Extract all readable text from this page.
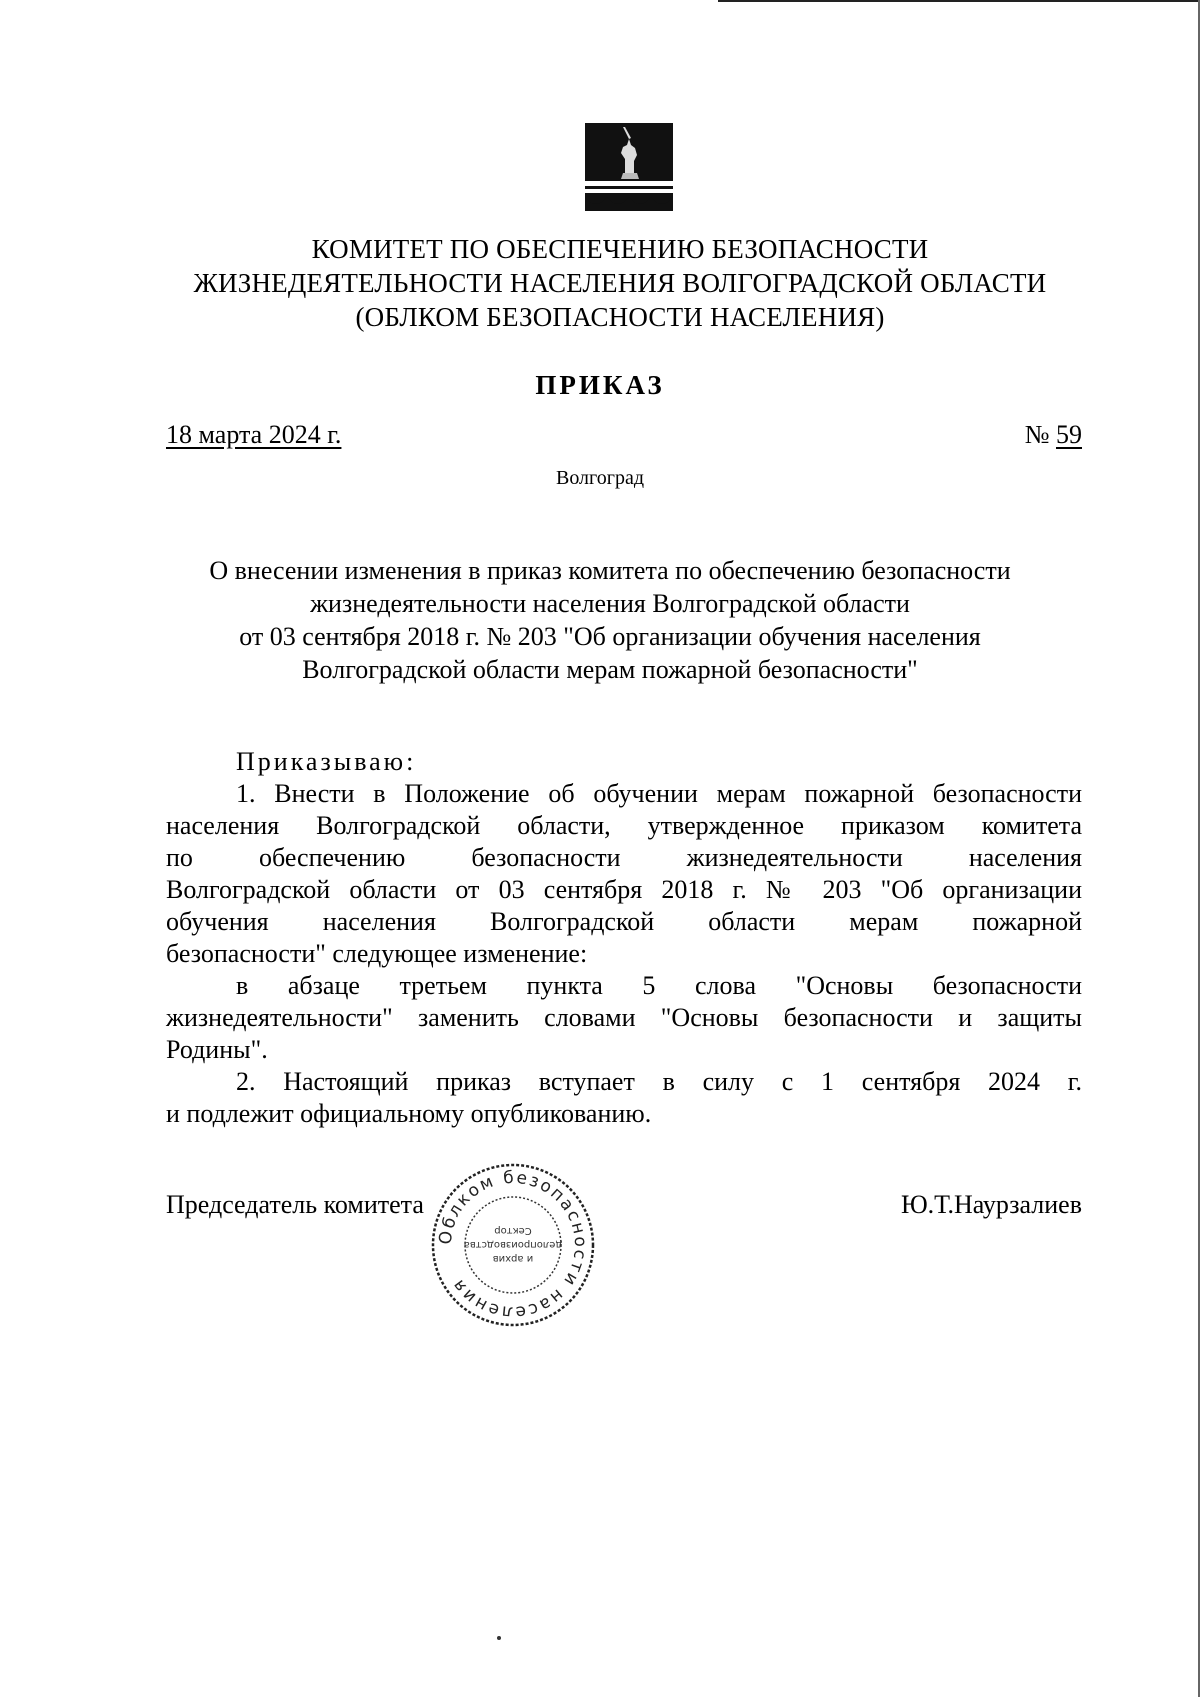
КОМИТЕТ ПО ОБЕСПЕЧЕНИЮ БЕЗОПАСНОСТИ
ЖИЗНЕДЕЯТЕЛЬНОСТИ НАСЕЛЕНИЯ ВОЛГОГРАДСКОЙ ОБЛАСТИ
(ОБЛКОМ БЕЗОПАСНОСТИ НАСЕЛЕНИЯ)
ПРИКАЗ
18 марта 2024 г.	№ 59
Волгоград
О внесении изменения в приказ комитета по обеспечению безопасности
жизнедеятельности населения Волгоградской области
от 03 сентября 2018 г. № 203 "Об организации обучения населения
Волгоградской области мерам пожарной безопасности"
Приказываю:
1. Внести в Положение об обучении мерам пожарной безопасности
населения Волгоградской области, утвержденное приказом комитета
по обеспечению безопасности жизнедеятельности населения
Волгоградской области от 03 сентября 2018 г. № 203 "Об организации
обучения населения Волгоградской области мерам пожарной
безопасности" следующее изменение:
в абзаце третьем пункта 5 слова "Основы безопасности
жизнедеятельности" заменить словами "Основы безопасности и защиты
Родины".
2. Настоящий приказ вступает в силу с 1 сентября 2024 г.
и подлежит официальному опубликованию.
Председатель комитета	Ю.Т.Наурзалиев
Облком безопасности населения
и архив
делопроизводства
Сектор
